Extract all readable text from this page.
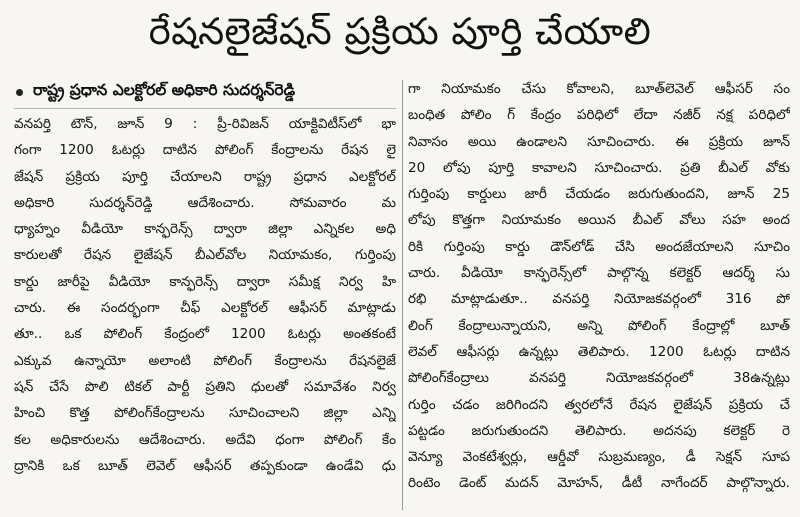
రేషనలైజేషన్ ప్రక్రియ పూర్తి చేయాలి
రాష్ట్ర ప్రధాన ఎలక్టోరల్ అధికారి సుదర్శన్‌రెడ్డి
వనపర్తి టౌన్, జూన్ 9 : ప్రీ-రివిజన్ యాక్టివిటీస్‌లో భా
గంగా 1200 ఓటర్లు దాటిన పోలింగ్ కేంద్రాలను రేషన లై
జేషన్ ప్రక్రియ పూర్తి చేయాలని రాష్ట్ర ప్రధాన ఎలక్టోరల్
అధికారి సుదర్శన్‌రెడ్డి ఆదేశించారు. సోమవారం మ
ధ్యాహ్నం వీడియో కాన్ఫరెన్స్ ద్వారా జిల్లా ఎన్నికల అధి
కారులతో రేషన లైజేషన్ బీఎల్‌వోల నియామకం, గుర్తింపు
కార్డు జారీపై వీడియో కాన్ఫరెన్స్ ద్వారా సమీక్ష నిర్వ హి
చారు. ఈ సందర్భంగా చీఫ్ ఎలక్టోరల్ ఆఫీసర్ మాట్లాడు
తూ.. ఒక పోలింగ్ కేంద్రంలో 1200 ఓటర్లు అంతకంటే
ఎక్కువ ఉన్నాయో అలాంటి పోలింగ్ కేంద్రాలను రేషనలైజే
షన్ చేసే పొలి టికల్ పార్టీ ప్రతిని ధులతో సమావేశం నిర్వ
హించి కొత్త పోలింగ్‌కేంద్రాలను సూచించాలని జిల్లా ఎన్ని
కల అధికారులను ఆదేశించారు. అదేవి ధంగా పోలింగ్ కేం
ద్రానికి ఒక బూత్ లెవెల్ ఆఫీసర్ తప్పకుండా ఉండేవి ధు
గా నియామకం చేసు కోవాలని, బూత్‌లెవెల్ ఆఫీసర్ సం
బంధిత పోలిం గ్ కేంద్రం పరిధిలో లేదా నజీర్ నక్ష పరిధిలో
నివాసం అయి ఉండాలని సూచించారు. ఈ ప్రక్రియ జూన్
20 లోపు పూర్తి కావాలని సూచించారు. ప్రతి బీఎల్ వోకు
గుర్తింపు కార్డులు జారీ చేయడం జరుగుతుందని, జూన్ 25
లోపు కొత్తగా నియామకం అయిన బీఎల్ వోలు సహ అంద
రికి గుర్తింపు కార్డు డౌన్‌లోడ్ చేసి అందజేయాలని సూచిం
చారు. వీడియో కాన్ఫరెన్స్‌లో పాల్గొన్న కలెక్టర్ ఆదర్శ్ సు
రభి మాట్లాడుతూ.. వనపర్తి నియోజకవర్గంలో 316 పో
లింగ్ కేంద్రాలున్నాయని, అన్ని పోలింగ్ కేంద్రాల్లో బూత్
లెవల్ ఆఫీసర్లు ఉన్నట్లు తెలిపారు. 1200 ఓటర్లు దాటిన
పోలింగ్‌కేంద్రాలు వనపర్తి నియోజకవర్గంలో 38ఉన్నట్లు
గుర్తిం చడం జరిగిందని త్వరలోనే రేషన లైజేషన్ ప్రక్రియ చే
పట్టడం జరుగుతుందని తెలిపారు. అదనపు కలెక్టర్ రె
వెన్యూ వెంకటేశ్వర్లు, ఆర్డీవో సుబ్రమణ్యం, డీ సెక్షన్ సూప
రింటెం డెంట్ మదన్ మోహన్, డీటీ నాగేందర్ పాల్గొన్నారు.
